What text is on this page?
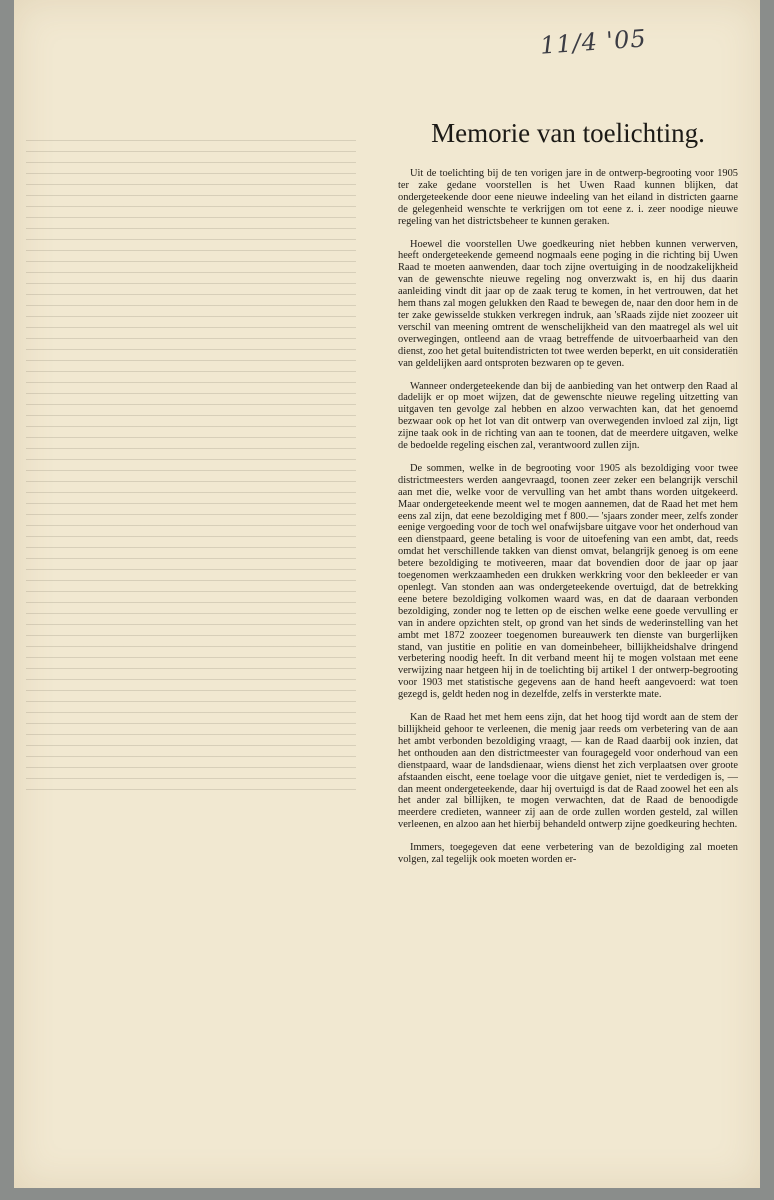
11/4 '05
Memorie van toelichting.

Uit de toelichting bij de ten vorigen jare in de ontwerp-begrooting voor 1905 ter zake gedane voorstellen is het Uwen Raad kunnen blijken, dat ondergeteekende door eene nieuwe indeeling van het eiland in districten gaarne de gelegenheid wenschte te verkrijgen om tot eene z. i. zeer noodige nieuwe regeling van het districtsbeheer te kunnen geraken.

Hoewel die voorstellen Uwe goedkeuring niet hebben kunnen verwerven, heeft ondergeteekende gemeend nogmaals eene poging in die richting bij Uwen Raad te moeten aanwenden, daar toch zijne overtuiging in de noodzakelijkheid van de gewenschte nieuwe regeling nog onverzwakt is, en hij dus daarin aanleiding vindt dit jaar op de zaak terug te komen, in het vertrouwen, dat het hem thans zal mogen gelukken den Raad te bewegen de, naar den door hem in de ter zake gewisselde stukken verkregen indruk, aan 'sRaads zijde niet zoozeer uit verschil van meening omtrent de wenschelijkheid van den maatregel als wel uit overwegingen, ontleend aan de vraag betreffende de uitvoerbaarheid van den dienst, zoo het getal buitendistricten tot twee werden beperkt, en uit consideratiën van geldelijken aard ontsproten bezwaren op te geven.

Wanneer ondergeteekende dan bij de aanbieding van het ontwerp den Raad al dadelijk er op moet wijzen, dat de gewenschte nieuwe regeling uitzetting van uitgaven ten gevolge zal hebben en alzoo verwachten kan, dat het genoemd bezwaar ook op het lot van dit ontwerp van overwegenden invloed zal zijn, ligt zijne taak ook in de richting van aan te toonen, dat de meerdere uitgaven, welke de bedoelde regeling eischen zal, verantwoord zullen zijn.

De sommen, welke in de begrooting voor 1905 als bezoldiging voor twee districtmeesters werden aangevraagd, toonen zeer zeker een belangrijk verschil aan met die, welke voor de vervulling van het ambt thans worden uitgekeerd. Maar ondergeteekende meent wel te mogen aannemen, dat de Raad het met hem eens zal zijn, dat eene bezoldiging met f 800.— 'sjaars zonder meer, zelfs zonder eenige vergoeding voor de toch wel onafwijsbare uitgave voor het onderhoud van een dienstpaard, geene betaling is voor de uitoefening van een ambt, dat, reeds omdat het verschillende takken van dienst omvat, belangrijk genoeg is om eene betere bezoldiging te motiveeren, maar dat bovendien door de jaar op jaar toegenomen werkzaamheden een drukken werkkring voor den bekleeder er van openlegt. Van stonden aan was ondergeteekende overtuigd, dat de betrekking eene betere bezoldiging volkomen waard was, en dat de daaraan verbonden bezoldiging, zonder nog te letten op de eischen welke eene goede vervulling er van in andere opzichten stelt, op grond van het sinds de wederinstelling van het ambt met 1872 zoozeer toegenomen bureauwerk ten dienste van burgerlijken stand, van justitie en politie en van domeinbeheer, billijkheidshalve dringend verbetering noodig heeft. In dit verband meent hij te mogen volstaan met eene verwijzing naar hetgeen hij in de toelichting bij artikel 1 der ontwerp-begrooting voor 1903 met statistische gegevens aan de hand heeft aangevoerd: wat toen gezegd is, geldt heden nog in dezelfde, zelfs in versterkte mate.

Kan de Raad het met hem eens zijn, dat het hoog tijd wordt aan de stem der billijkheid gehoor te verleenen, die menig jaar reeds om verbetering van de aan het ambt verbonden bezoldiging vraagt, — kan de Raad daarbij ook inzien, dat het onthouden aan den districtmeester van fouragegeld voor onderhoud van een dienstpaard, waar de landsdienaar, wiens dienst het zich verplaatsen over groote afstaanden eischt, eene toelage voor die uitgave geniet, niet te verdedigen is, — dan meent ondergeteekende, daar hij overtuigd is dat de Raad zoowel het een als het ander zal billijken, te mogen verwachten, dat de Raad de benoodigde meerdere credieten, wanneer zij aan de orde zullen worden gesteld, zal willen verleenen, en alzoo aan het hierbij behandeld ontwerp zijne goedkeuring hechten.

Immers, toegegeven dat eene verbetering van de bezoldiging zal moeten volgen, zal tegelijk ook moeten worden er-
